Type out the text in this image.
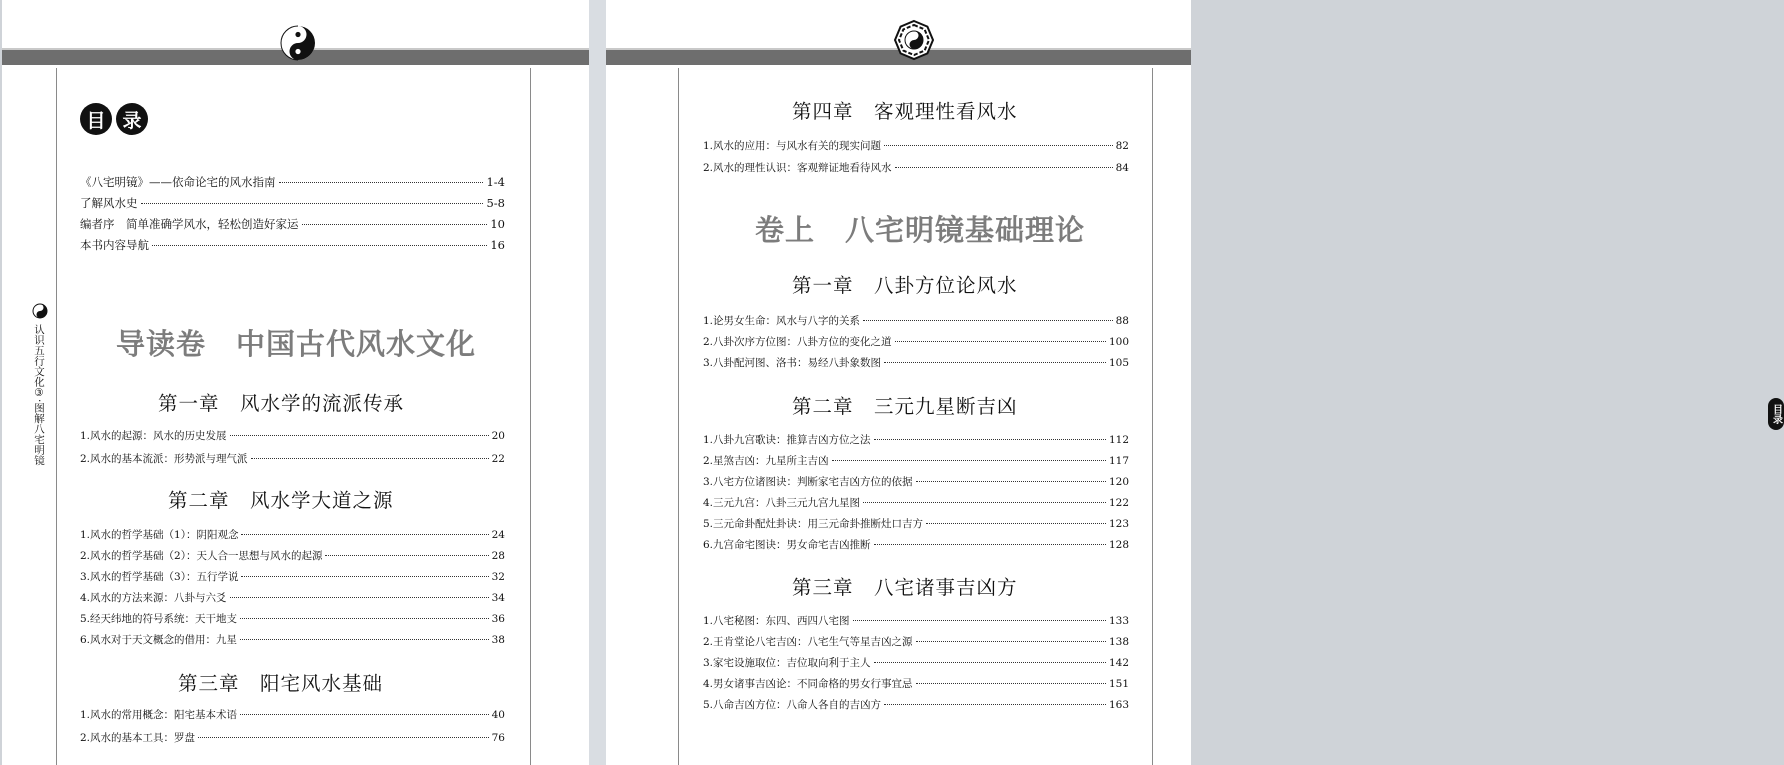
目 录
认识五行文化③·图解八宅明镜	目录
《八宅明镜》——依命论宅的风水指南	1-4
了解风水史	5-8
编者序　简单准确学风水，轻松创造好家运	10
本书内容导航	16
导读卷　中国古代风水文化
第一章　风水学的流派传承
1.风水的起源：风水的历史发展	20
2.风水的基本流派：形势派与理气派	22
第二章　风水学大道之源
1.风水的哲学基础（1）：阴阳观念	24
2.风水的哲学基础（2）：天人合一思想与风水的起源	28
3.风水的哲学基础（3）：五行学说	32
4.风水的方法来源：八卦与六爻	34
5.经天纬地的符号系统：天干地支	36
6.风水对于天文概念的借用：九星	38
第三章　阳宅风水基础
1.风水的常用概念：阳宅基本术语	40
2.风水的基本工具：罗盘	76
第四章　客观理性看风水
1.风水的应用：与风水有关的现实问题	82
2.风水的理性认识：客观辩证地看待风水	84
卷上　八宅明镜基础理论
第一章　八卦方位论风水
1.论男女生命：风水与八字的关系	88
2.八卦次序方位图：八卦方位的变化之道	100
3.八卦配河图、洛书：易经八卦象数图	105
第二章　三元九星断吉凶
1.八卦九宫歌诀：推算吉凶方位之法	112
2.星煞吉凶：九星所主吉凶	117
3.八宅方位诸图诀：判断家宅吉凶方位的依据	120
4.三元九宫：八卦三元九宫九星图	122
5.三元命卦配灶卦诀：用三元命卦推断灶口吉方	123
6.九宫命宅图诀：男女命宅吉凶推断	128
第三章　八宅诸事吉凶方
1.八宅秘图：东四、西四八宅图	133
2.王肯堂论八宅吉凶：八宅生气等星吉凶之源	138
3.家宅设施取位：吉位取向利于主人	142
4.男女诸事吉凶论：不同命格的男女行事宜忌	151
5.八命吉凶方位：八命人各自的吉凶方	163
